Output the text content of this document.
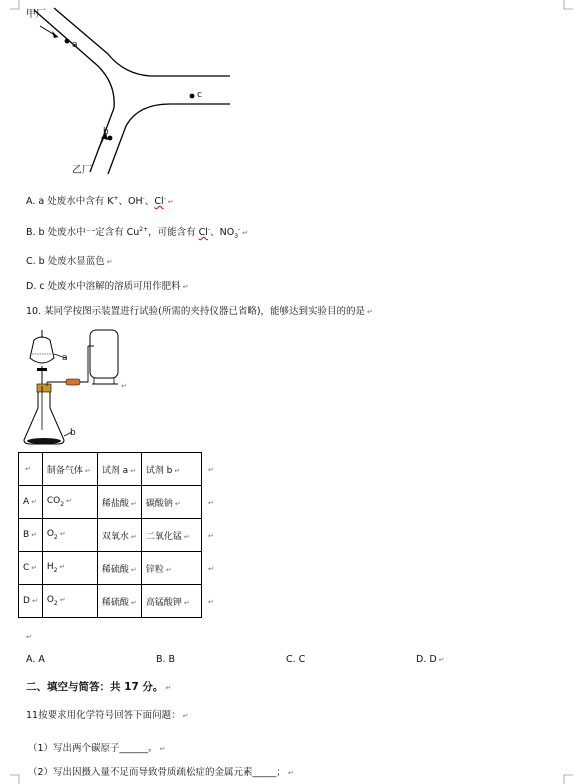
甲厂
a
b
c
乙厂
A. a 处废水中含有 K+、OH-、Cl- ↵
B. b 处废水中一定含有 $Cu^{2+}$，可能含有 Cl-、$NO_3^-$ ↵
C. b 处废水显蓝色 ↵
D. c 处废水中溶解的溶质可用作肥料 ↵
10. 某同学按图示装置进行试验(所需的夹持仪器已省略)，能够达到实验目的的是 ↵
a
b
↵
↵	制备气体 ↵	试剂 a ↵	试剂 b ↵
A ↵	$CO_2$ ↵	稀盐酸 ↵	碳酸钠 ↵
B ↵	$O_2$ ↵	双氧水 ↵	二氧化锰 ↵
C ↵	$H_2$ ↵	稀硫酸 ↵	锌粒 ↵
D ↵	$O_2$ ↵	稀硫酸 ↵	高锰酸钾 ↵
↵
↵
↵
↵
↵
↵
A. A	B. B	C. C	D. D ↵
二、填空与简答：共 17 分。 ↵
11按要求用化学符号回答下面问题： ↵
（1）写出两个碳原子______。 ↵
（2）写出因摄入量不足而导致骨质疏松症的金属元素_____； ↵
